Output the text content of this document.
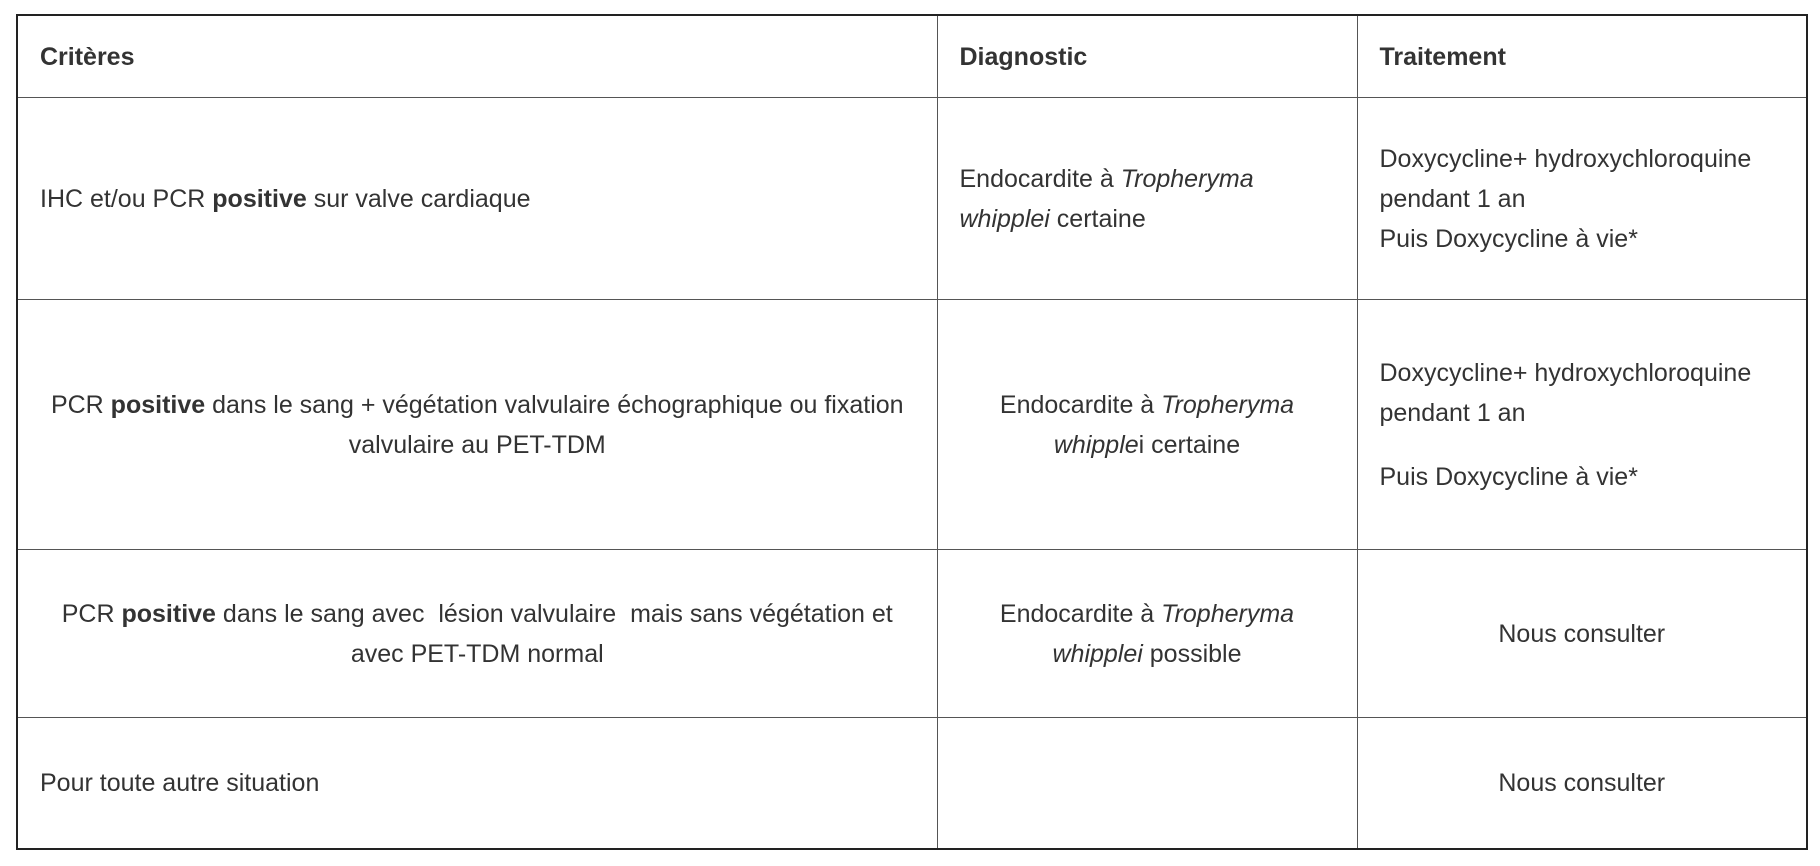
Critères	Diagnostic	Traitement
IHC et/ou PCR positive sur valve cardiaque	Endocardite à Tropheryma whipplei certaine	Doxycycline+ hydroxychloroquine pendant 1 an
Puis Doxycycline à vie*

PCR positive dans le sang + végétation valvulaire échographique ou fixation valvulaire au PET-TDM	Endocardite à Tropheryma whipplei certaine	Doxycycline+ hydroxychloroquine pendant 1 an
Puis Doxycycline à vie*

PCR positive dans le sang avec  lésion valvulaire  mais sans végétation et avec PET-TDM normal	Endocardite à Tropheryma whipplei possible	Nous consulter
Pour toute autre situation		Nous consulter
